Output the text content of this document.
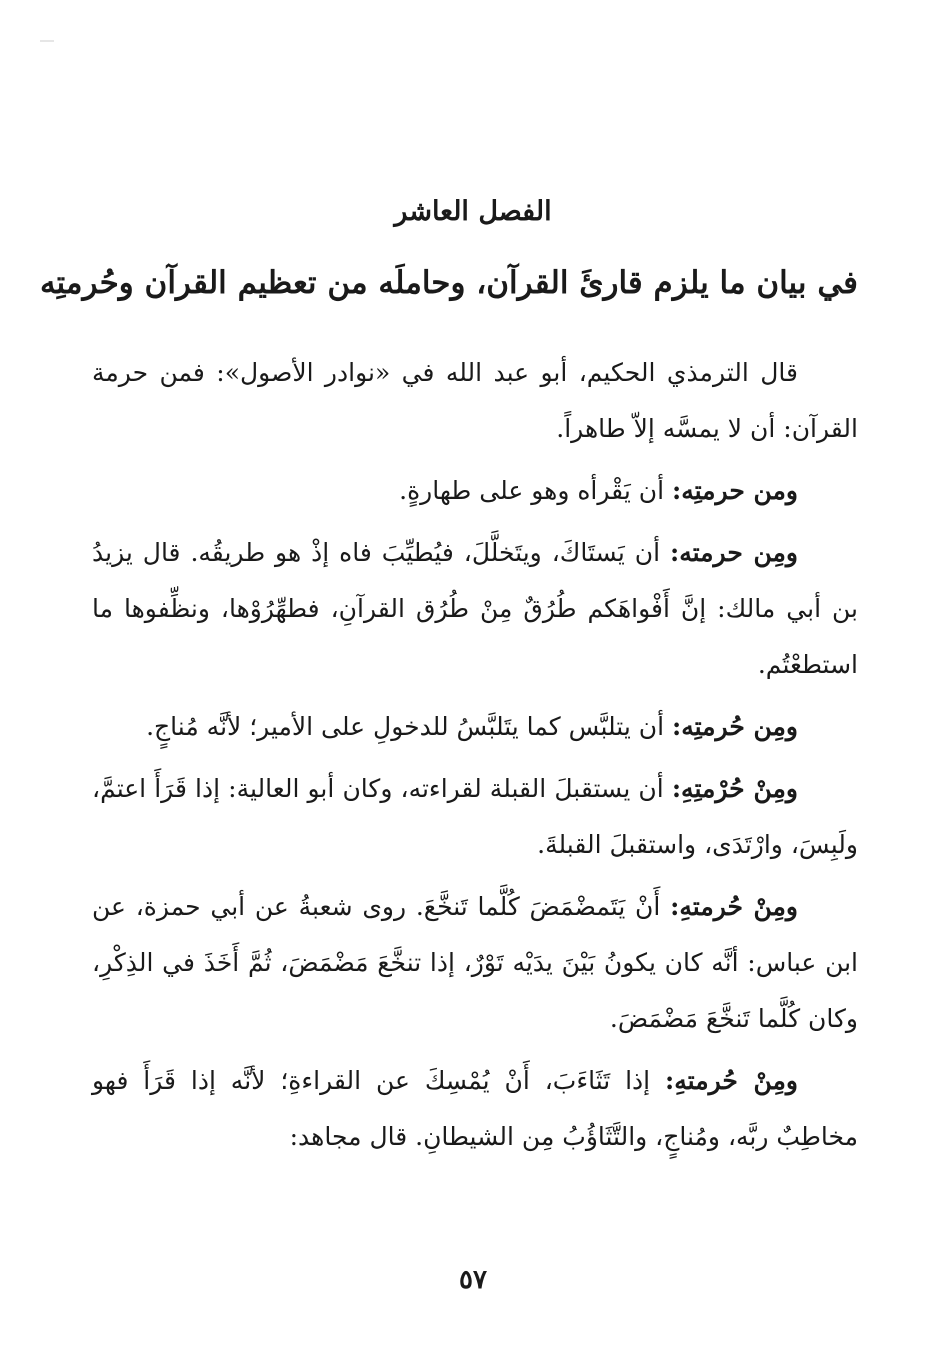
الفصل العاشر
في بيان ما يلزم قارئَ القرآن، وحاملَه من تعظيم القرآن وحُرمتِه

قال الترمذي الحكيم، أبو عبد الله في «نوادر الأصول»: فمن حرمة القرآن: أن لا يمسَّه إلاّ طاهراً.

ومن حرمتِه: أن يَقْرأه وهو على طهارةٍ.

ومِن حرمته: أن يَستَاكَ، ويتَخلَّلَ، فيُطيِّبَ فاه إذْ هو طريقُه. قال يزيدُ بن أبي مالك: إنَّ أَفْواهَكم طُرُقٌ مِنْ طُرُق القرآنِ، فطهِّرُوْها، ونظِّفوها ما استطعْتُم.

ومِن حُرمتِه: أن يتلبَّس كما يتَلبَّسُ للدخولِ على الأمير؛ لأنَّه مُناجٍ.

ومِنْ حُرْمتِهِ: أن يستقبلَ القبلة لقراءته، وكان أبو العالية: إذا قَرَأَ اعتمَّ، ولَبِسَ، وارْتَدَى، واستقبلَ القبلةَ.

ومِنْ حُرمتهِ: أَنْ يَتَمضْمَضَ كُلَّما تَنخَّعَ. روى شعبةُ عن أبي حمزة، عن ابن عباس: أنَّه كان يكونُ بَيْنَ يدَيْه تَوْرٌ، إذا تنخَّعَ مَضْمَضَ، ثُمَّ أَخَذَ في الذِكْرِ، وكان كُلَّما تَنخَّعَ مَضْمَضَ.

ومِنْ حُرمتهِ: إذا تَثَاءَبَ، أَنْ يُمْسِكَ عن القراءةِ؛ لأنَّه إذا قَرَأَ فهو مخاطِبٌ ربَّه، ومُناجٍ، والتَّثَاؤُبُ مِن الشيطانِ. قال مجاهد:

٥٧
